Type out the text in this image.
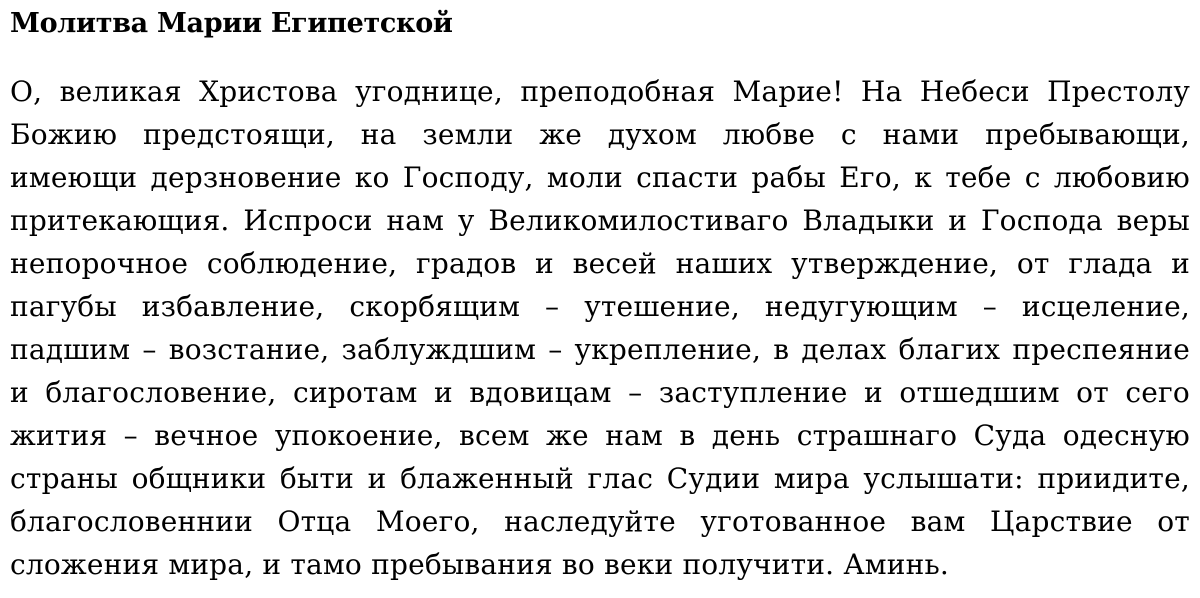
Молитва Марии Египетской
О, великая Христова угоднице, преподобная Марие! На Небеси Престолу
Божию предстоящи, на земли же духом любве с нами пребывающи,
имеющи дерзновение ко Господу, моли спасти рабы Его, к тебе с любовию
притекающия. Испроси нам у Великомилостиваго Владыки и Господа веры
непорочное соблюдение, градов и весей наших утверждение, от глада и
пагубы избавление, скорбящим – утешение, недугующим – исцеление,
падшим – возстание, заблуждшим – укрепление, в делах благих преспеяние
и благословение, сиротам и вдовицам – заступление и отшедшим от сего
жития – вечное упокоение, всем же нам в день страшнаго Суда одесную
страны общники быти и блаженный глас Судии мира услышати: приидите,
благословеннии Отца Моего, наследуйте уготованное вам Царствие от
сложения мира, и тамо пребывания во веки получити. Аминь.
